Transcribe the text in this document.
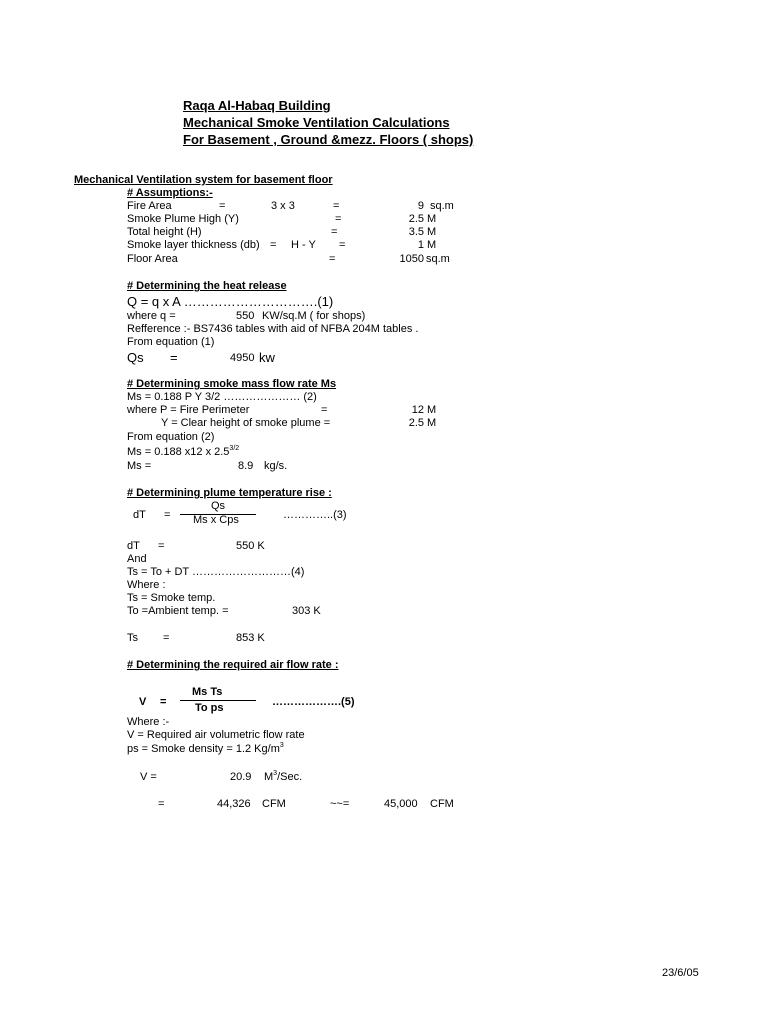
Raqa Al-Habaq Building
Mechanical Smoke Ventilation Calculations
For Basement , Ground &mezz. Floors ( shops)
Mechanical Ventilation system for basement floor
# Assumptions:-
Fire Area	=	3 x 3	=	9 sq.m
Smoke Plume High (Y)	=	2.5 M
Total height (H)	=	3.5 M
Smoke layer thickness (db) = H - Y =	1 M
Floor Area	=	1050 sq.m
# Determining the heat release
Q = q x A ………………………….(1)
where q =	550 KW/sq.M ( for shops)
Refference :- BS7436 tables with aid of NFBA 204M tables .
From equation (1)
Qs =	4950 kw
# Determining smoke mass flow rate Ms
Ms = 0.188 P Y 3/2 ………………… (2)
where P = Fire Perimeter	=	12 M
Y = Clear height of smoke plume =	2.5 M
From equation (2)
Ms = 0.188 x12 x $2.5^{3/2}$
Ms =	8.9 kg/s.
# Determining plume temperature rise :
Qs
dT = Ms x Cps	…………..(3)
dT =	550 K
And
Ts = To + DT ………………………(4)
Where :
Ts = Smoke temp.
To =Ambient temp. =	303 K
Ts =	853 K
# Determining the required air flow rate :
Ms Ts
V =	To ps	……………….(5)
Where :-
V = Required air volumetric flow rate
ps = Smoke density = 1.2 $Kg/m^3$
V =	20.9 $M^3$/Sec.
=	44,326 CFM	~~=	45,000 CFM
23/6/05
